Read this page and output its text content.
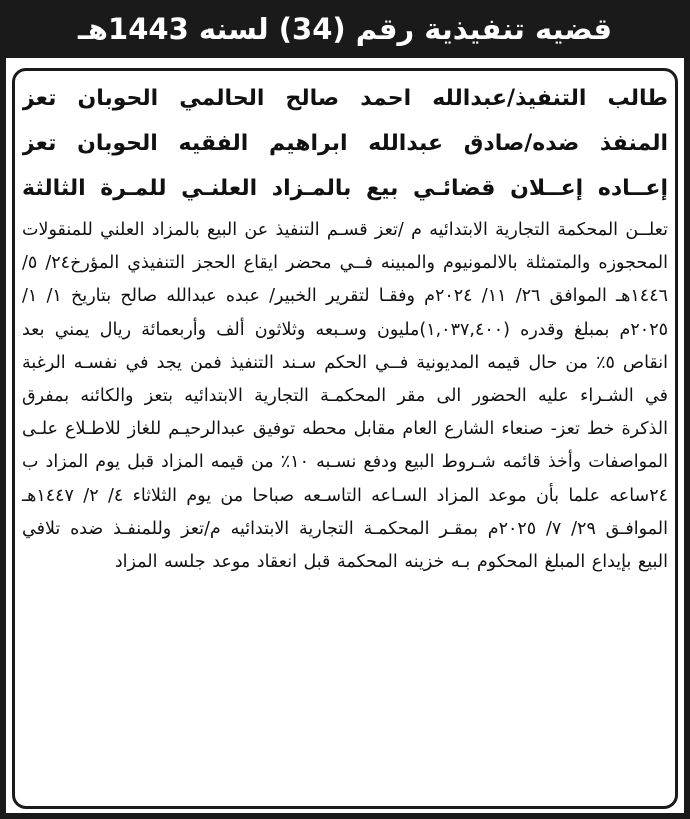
قضيه تنفيذية رقم (34) لسنه 1443هـ
طالب التنفيذ/عبدالله احمد صالح الحالمي الحوبان تعز
المنفذ ضده/صادق عبدالله ابراهيم الفقيه الحوبان تعز
إعــاده إعــلان قضائـي بيع بالمـزاد العلنـي للمـرة الثالثة
تعلــن المحكمة التجارية الابتدائيه م /تعز قسـم التنفيذ عن البيع بالمزاد العلني للمنقولات المحجوزه والمتمثلة بالالمونيوم والمبينه فــي محضر ايقاع الحجز التنفيذي المؤرخ٢٤/ ٥/ ١٤٤٦هـ الموافق ٢٦/ ١١/ ٢٠٢٤م وفقـا لتقرير الخبير/ عبده عبدالله صالح بتاريخ ١/ ١/ ٢٠٢٥م بمبلغ وقدره (١,٠٣٧,٤٠٠)مليون وسـبعه وثلاثون ألف وأربعمائة ريال يمني بعد انقاص ٥٪ من حال قيمه المديونية فــي الحكم سـند التنفيذ فمن يجد في نفسـه الرغبة في الشـراء عليه الحضور الى مقر المحكمـة التجارية الابتدائيه بتعز والكائنه بمفرق الذكرة خط تعز- صنعاء الشارع العام مقابل محطه توفيق عبدالرحيـم للغاز للاطـلاع علـى المواصفات وأخذ قائمه شـروط البيع ودفع نسـبه ١٠٪ من قيمه المزاد قبل يوم المزاد ب ٢٤ساعه علما بأن موعد المزاد السـاعه التاسـعه صباحا من يوم الثلاثاء ٤/ ٢/ ١٤٤٧هـ الموافـق ٢٩/ ٧/ ٢٠٢٥م بمقـر المحكمـة التجارية الابتدائيه م/تعز وللمنفـذ ضده تلافي البيع بإيداع المبلغ المحكوم بـه خزينه المحكمة قبل انعقاد موعد جلسه المزاد
